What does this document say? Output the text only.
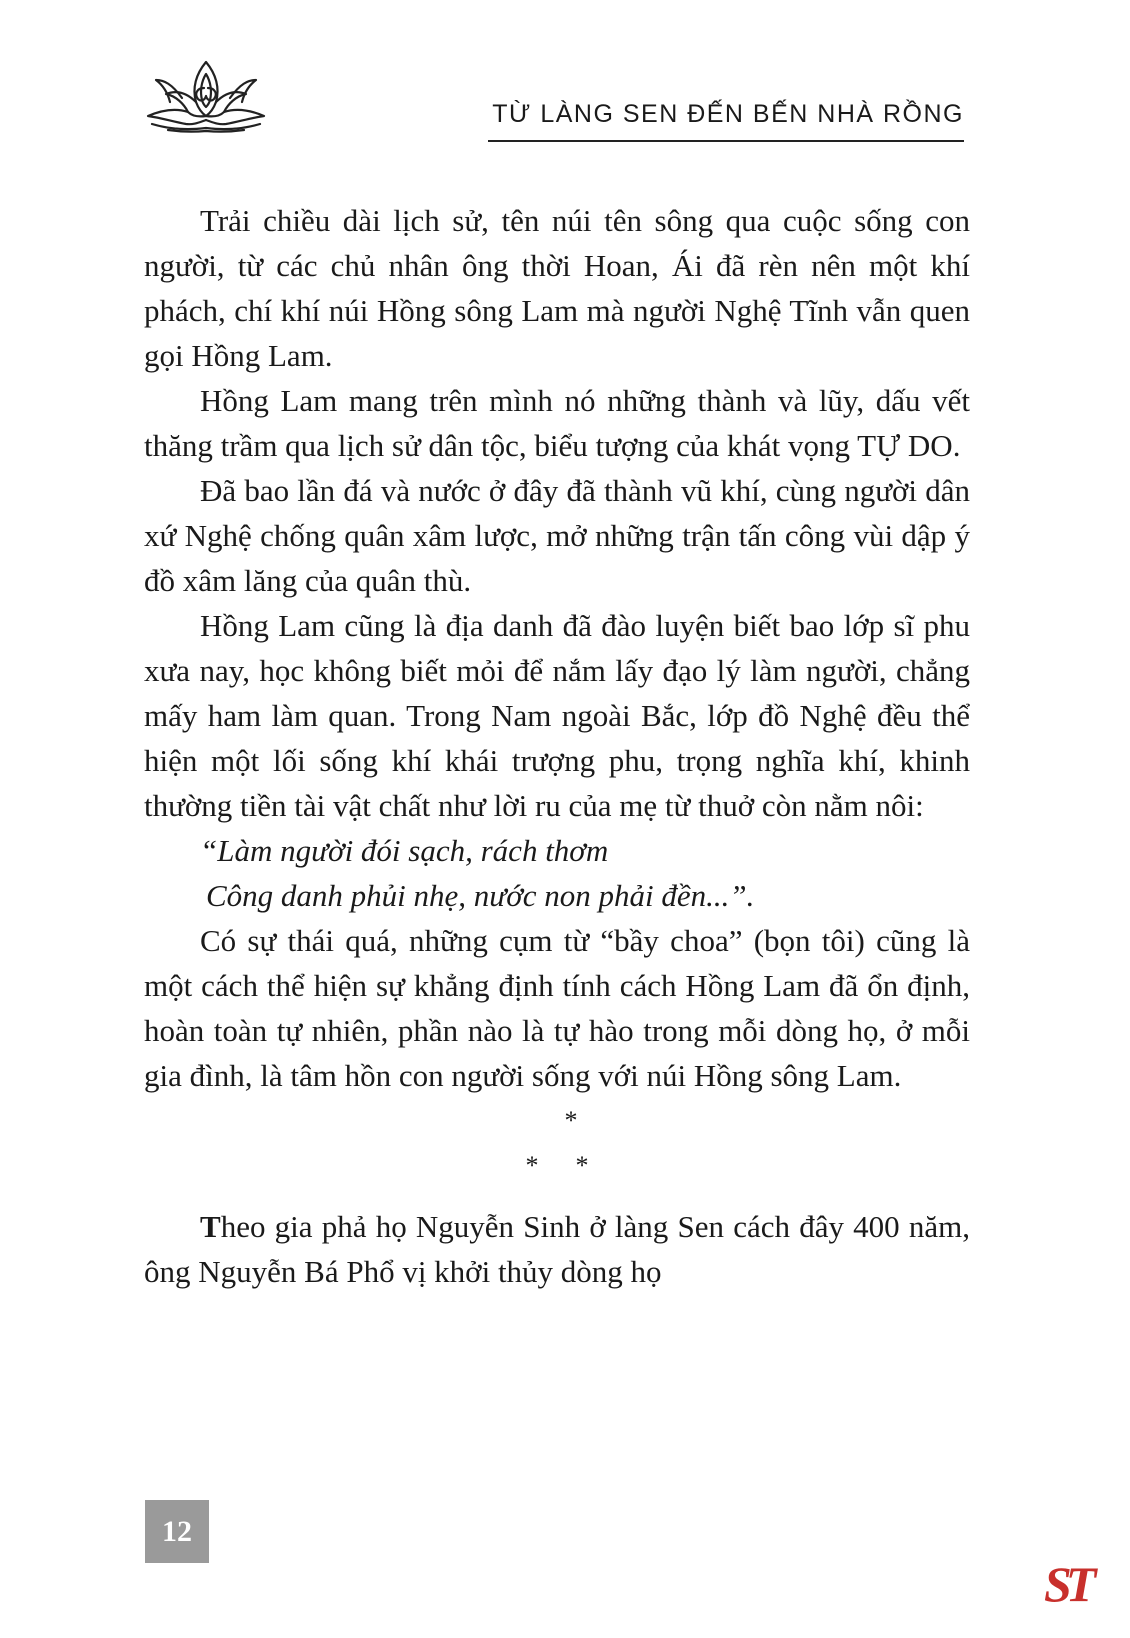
TỪ LÀNG SEN ĐẾN BẾN NHÀ RỒNG

Trải chiều dài lịch sử, tên núi tên sông qua cuộc sống con người, từ các chủ nhân ông thời Hoan, Ái đã rèn nên một khí phách, chí khí núi Hồng sông Lam mà người Nghệ Tĩnh vẫn quen gọi Hồng Lam.

Hồng Lam mang trên mình nó những thành và lũy, dấu vết thăng trầm qua lịch sử dân tộc, biểu tượng của khát vọng TỰ DO.

Đã bao lần đá và nước ở đây đã thành vũ khí, cùng người dân xứ Nghệ chống quân xâm lược, mở những trận tấn công vùi dập ý đồ xâm lăng của quân thù.

Hồng Lam cũng là địa danh đã đào luyện biết bao lớp sĩ phu xưa nay, học không biết mỏi để nắm lấy đạo lý làm người, chẳng mấy ham làm quan. Trong Nam ngoài Bắc, lớp đồ Nghệ đều thể hiện một lối sống khí khái trượng phu, trọng nghĩa khí, khinh thường tiền tài vật chất như lời ru của mẹ từ thuở còn nằm nôi:

“Làm người đói sạch, rách thơm

Công danh phủi nhẹ, nước non phải đền...”.

Có sự thái quá, những cụm từ “bầy choa” (bọn tôi) cũng là một cách thể hiện sự khẳng định tính cách Hồng Lam đã ổn định, hoàn toàn tự nhiên, phần nào là tự hào trong mỗi dòng họ, ở mỗi gia đình, là tâm hồn con người sống với núi Hồng sông Lam.

*
* *

Theo gia phả họ Nguyễn Sinh ở làng Sen cách đây 400 năm, ông Nguyễn Bá Phổ vị khởi thủy dòng họ

12
ST
